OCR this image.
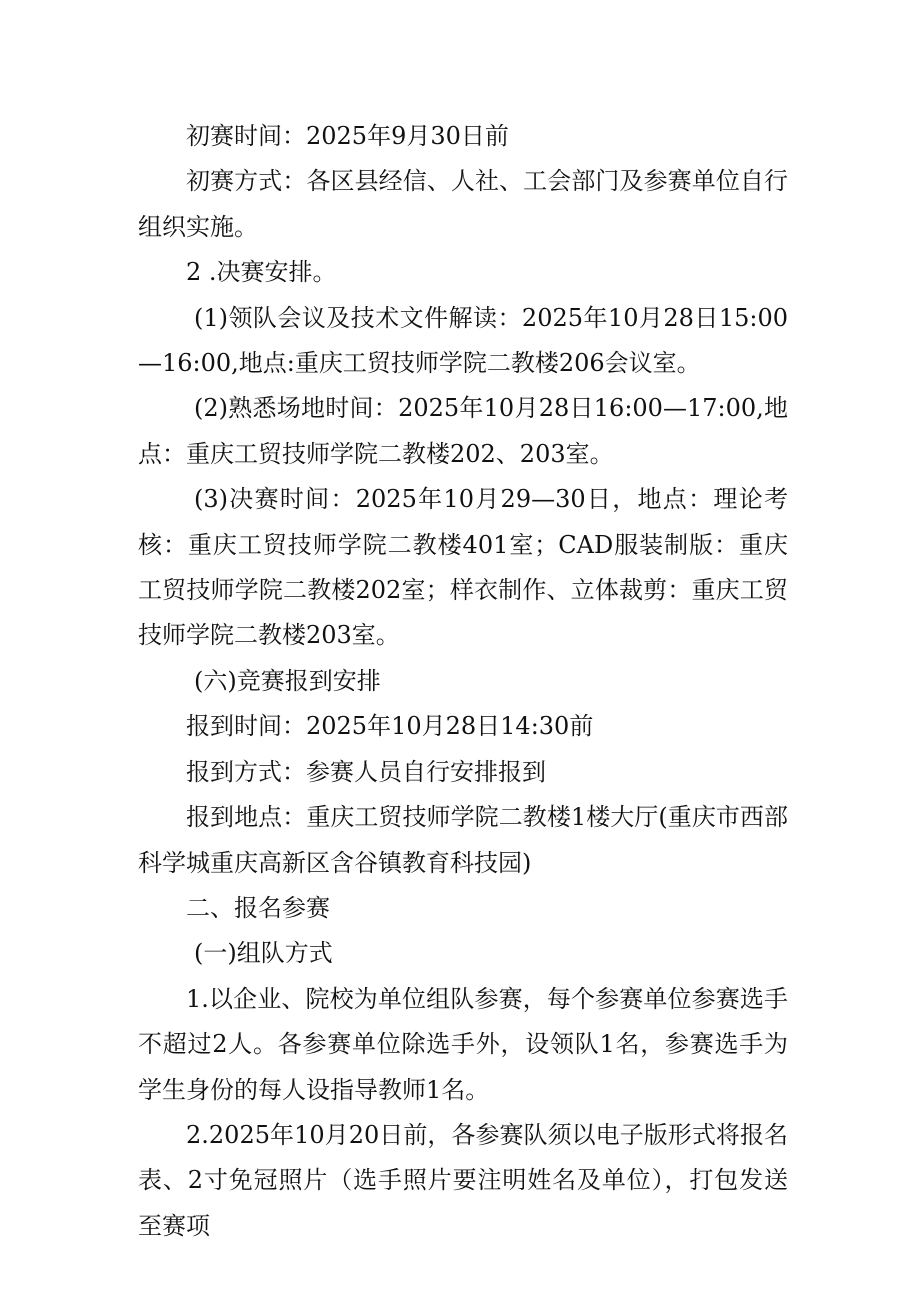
初赛时间：2025年9月30日前

初赛方式：各区县经信、人社、工会部门及参赛单位自行组织实施。

2 .决赛安排。

(1)领队会议及技术文件解读：2025年10月28日15:00—16:00,地点:重庆工贸技师学院二教楼206会议室。

(2)熟悉场地时间：2025年10月28日16:00—17:00,地点：重庆工贸技师学院二教楼202、203室。

(3)决赛时间：2025年10月29—30日，地点：理论考核：重庆工贸技师学院二教楼401室；CAD服装制版：重庆工贸技师学院二教楼202室；样衣制作、立体裁剪：重庆工贸技师学院二教楼203室。

(六)竞赛报到安排

报到时间：2025年10月28日14:30前

报到方式：参赛人员自行安排报到

报到地点：重庆工贸技师学院二教楼1楼大厅(重庆市西部科学城重庆高新区含谷镇教育科技园)

二、报名参赛

(一)组队方式

1.以企业、院校为单位组队参赛，每个参赛单位参赛选手不超过2人。各参赛单位除选手外，设领队1名，参赛选手为学生身份的每人设指导教师1名。

2.2025年10月20日前，各参赛队须以电子版形式将报名表、2寸免冠照片（选手照片要注明姓名及单位），打包发送至赛项
